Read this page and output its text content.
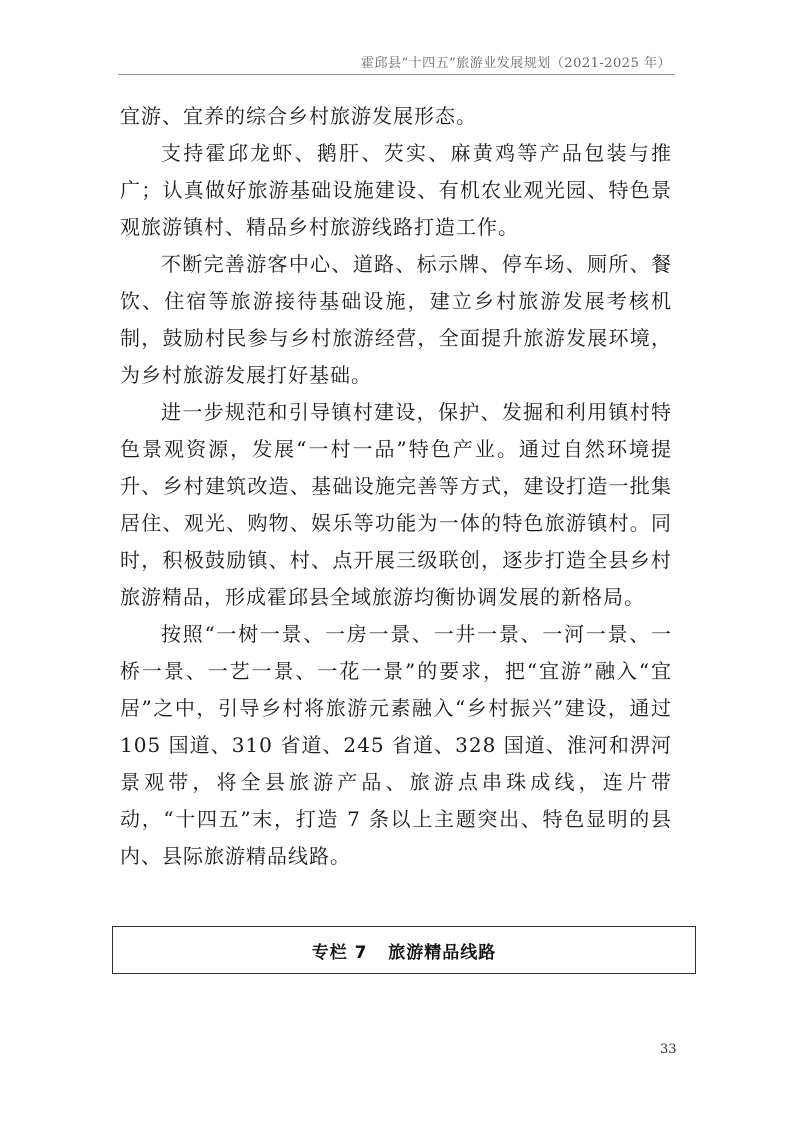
霍邱县“十四五”旅游业发展规划（2021-2025 年）

宜游、宜养的综合乡村旅游发展形态。

支持霍邱龙虾、鹅肝、芡实、麻黄鸡等产品包装与推广；认真做好旅游基础设施建设、有机农业观光园、特色景观旅游镇村、精品乡村旅游线路打造工作。

不断完善游客中心、道路、标示牌、停车场、厕所、餐饮、住宿等旅游接待基础设施，建立乡村旅游发展考核机制，鼓励村民参与乡村旅游经营，全面提升旅游发展环境，为乡村旅游发展打好基础。

进一步规范和引导镇村建设，保护、发掘和利用镇村特色景观资源，发展“一村一品”特色产业。通过自然环境提升、乡村建筑改造、基础设施完善等方式，建设打造一批集居住、观光、购物、娱乐等功能为一体的特色旅游镇村。同时，积极鼓励镇、村、点开展三级联创，逐步打造全县乡村旅游精品，形成霍邱县全域旅游均衡协调发展的新格局。

按照“一树一景、一房一景、一井一景、一河一景、一桥一景、一艺一景、一花一景”的要求，把“宜游”融入“宜居”之中，引导乡村将旅游元素融入“乡村振兴”建设，通过 105 国道、310 省道、245 省道、328 国道、淮河和淠河景观带，将全县旅游产品、旅游点串珠成线，连片带动，“十四五”末，打造 7 条以上主题突出、特色显明的县内、县际旅游精品线路。

专栏 7   旅游精品线路
33
